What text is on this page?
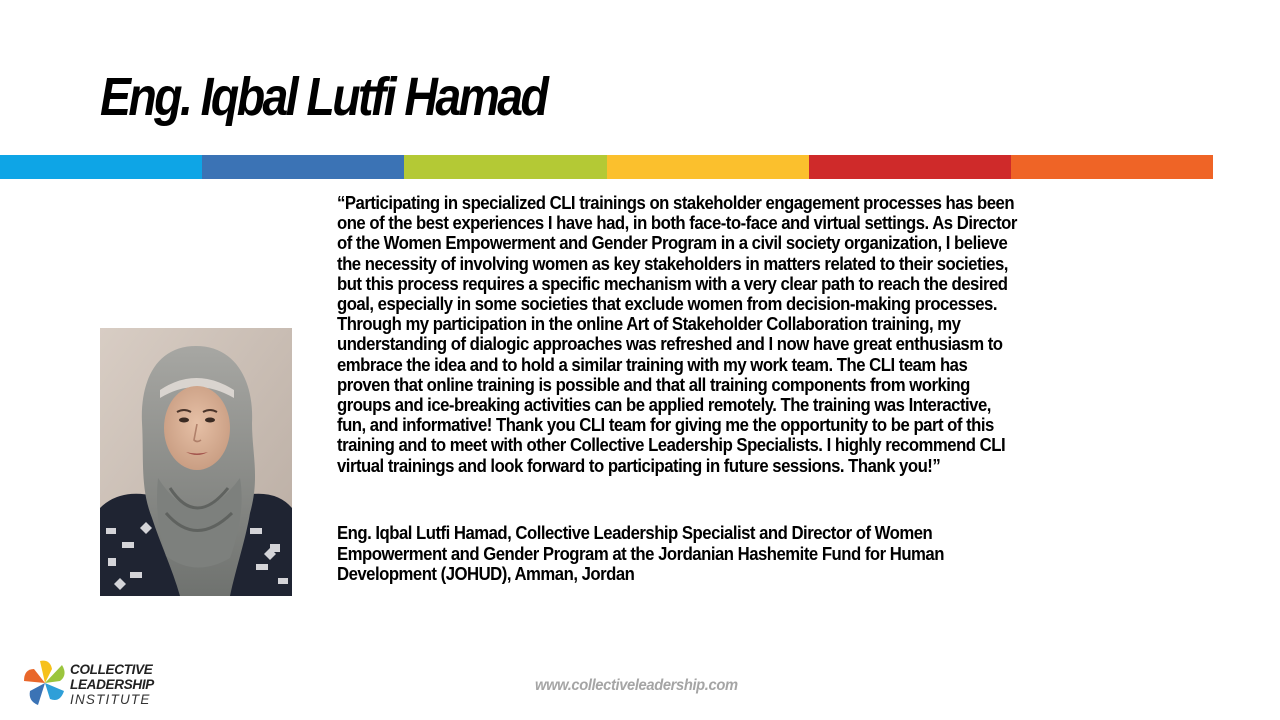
Eng. Iqbal Lutfi Hamad
“Participating in specialized CLI trainings on stakeholder engagement processes has been
one of the best experiences I have had, in both face-to-face and virtual settings. As Director
of the Women Empowerment and Gender Program in a civil society organization, I believe
the necessity of involving women as key stakeholders in matters related to their societies,
but this process requires a specific mechanism with a very clear path to reach the desired
goal, especially in some societies that exclude women from decision-making processes.
Through my participation in the online Art of Stakeholder Collaboration training, my
understanding of dialogic approaches was refreshed and I now have great enthusiasm to
embrace the idea and to hold a similar training with my work team. The CLI team has
proven that online training is possible and that all training components from working
groups and ice-breaking activities can be applied remotely. The training was Interactive,
fun, and informative! Thank you CLI team for giving me the opportunity to be part of this
training and to meet with other Collective Leadership Specialists. I highly recommend CLI
virtual trainings and look forward to participating in future sessions. Thank you!”
Eng. Iqbal Lutfi Hamad, Collective Leadership Specialist and Director of Women
Empowerment and Gender Program at the Jordanian Hashemite Fund for Human
Development (JOHUD), Amman, Jordan
COLLECTIVE
LEADERSHIP
INSTITUTE
www.collectiveleadership.com
